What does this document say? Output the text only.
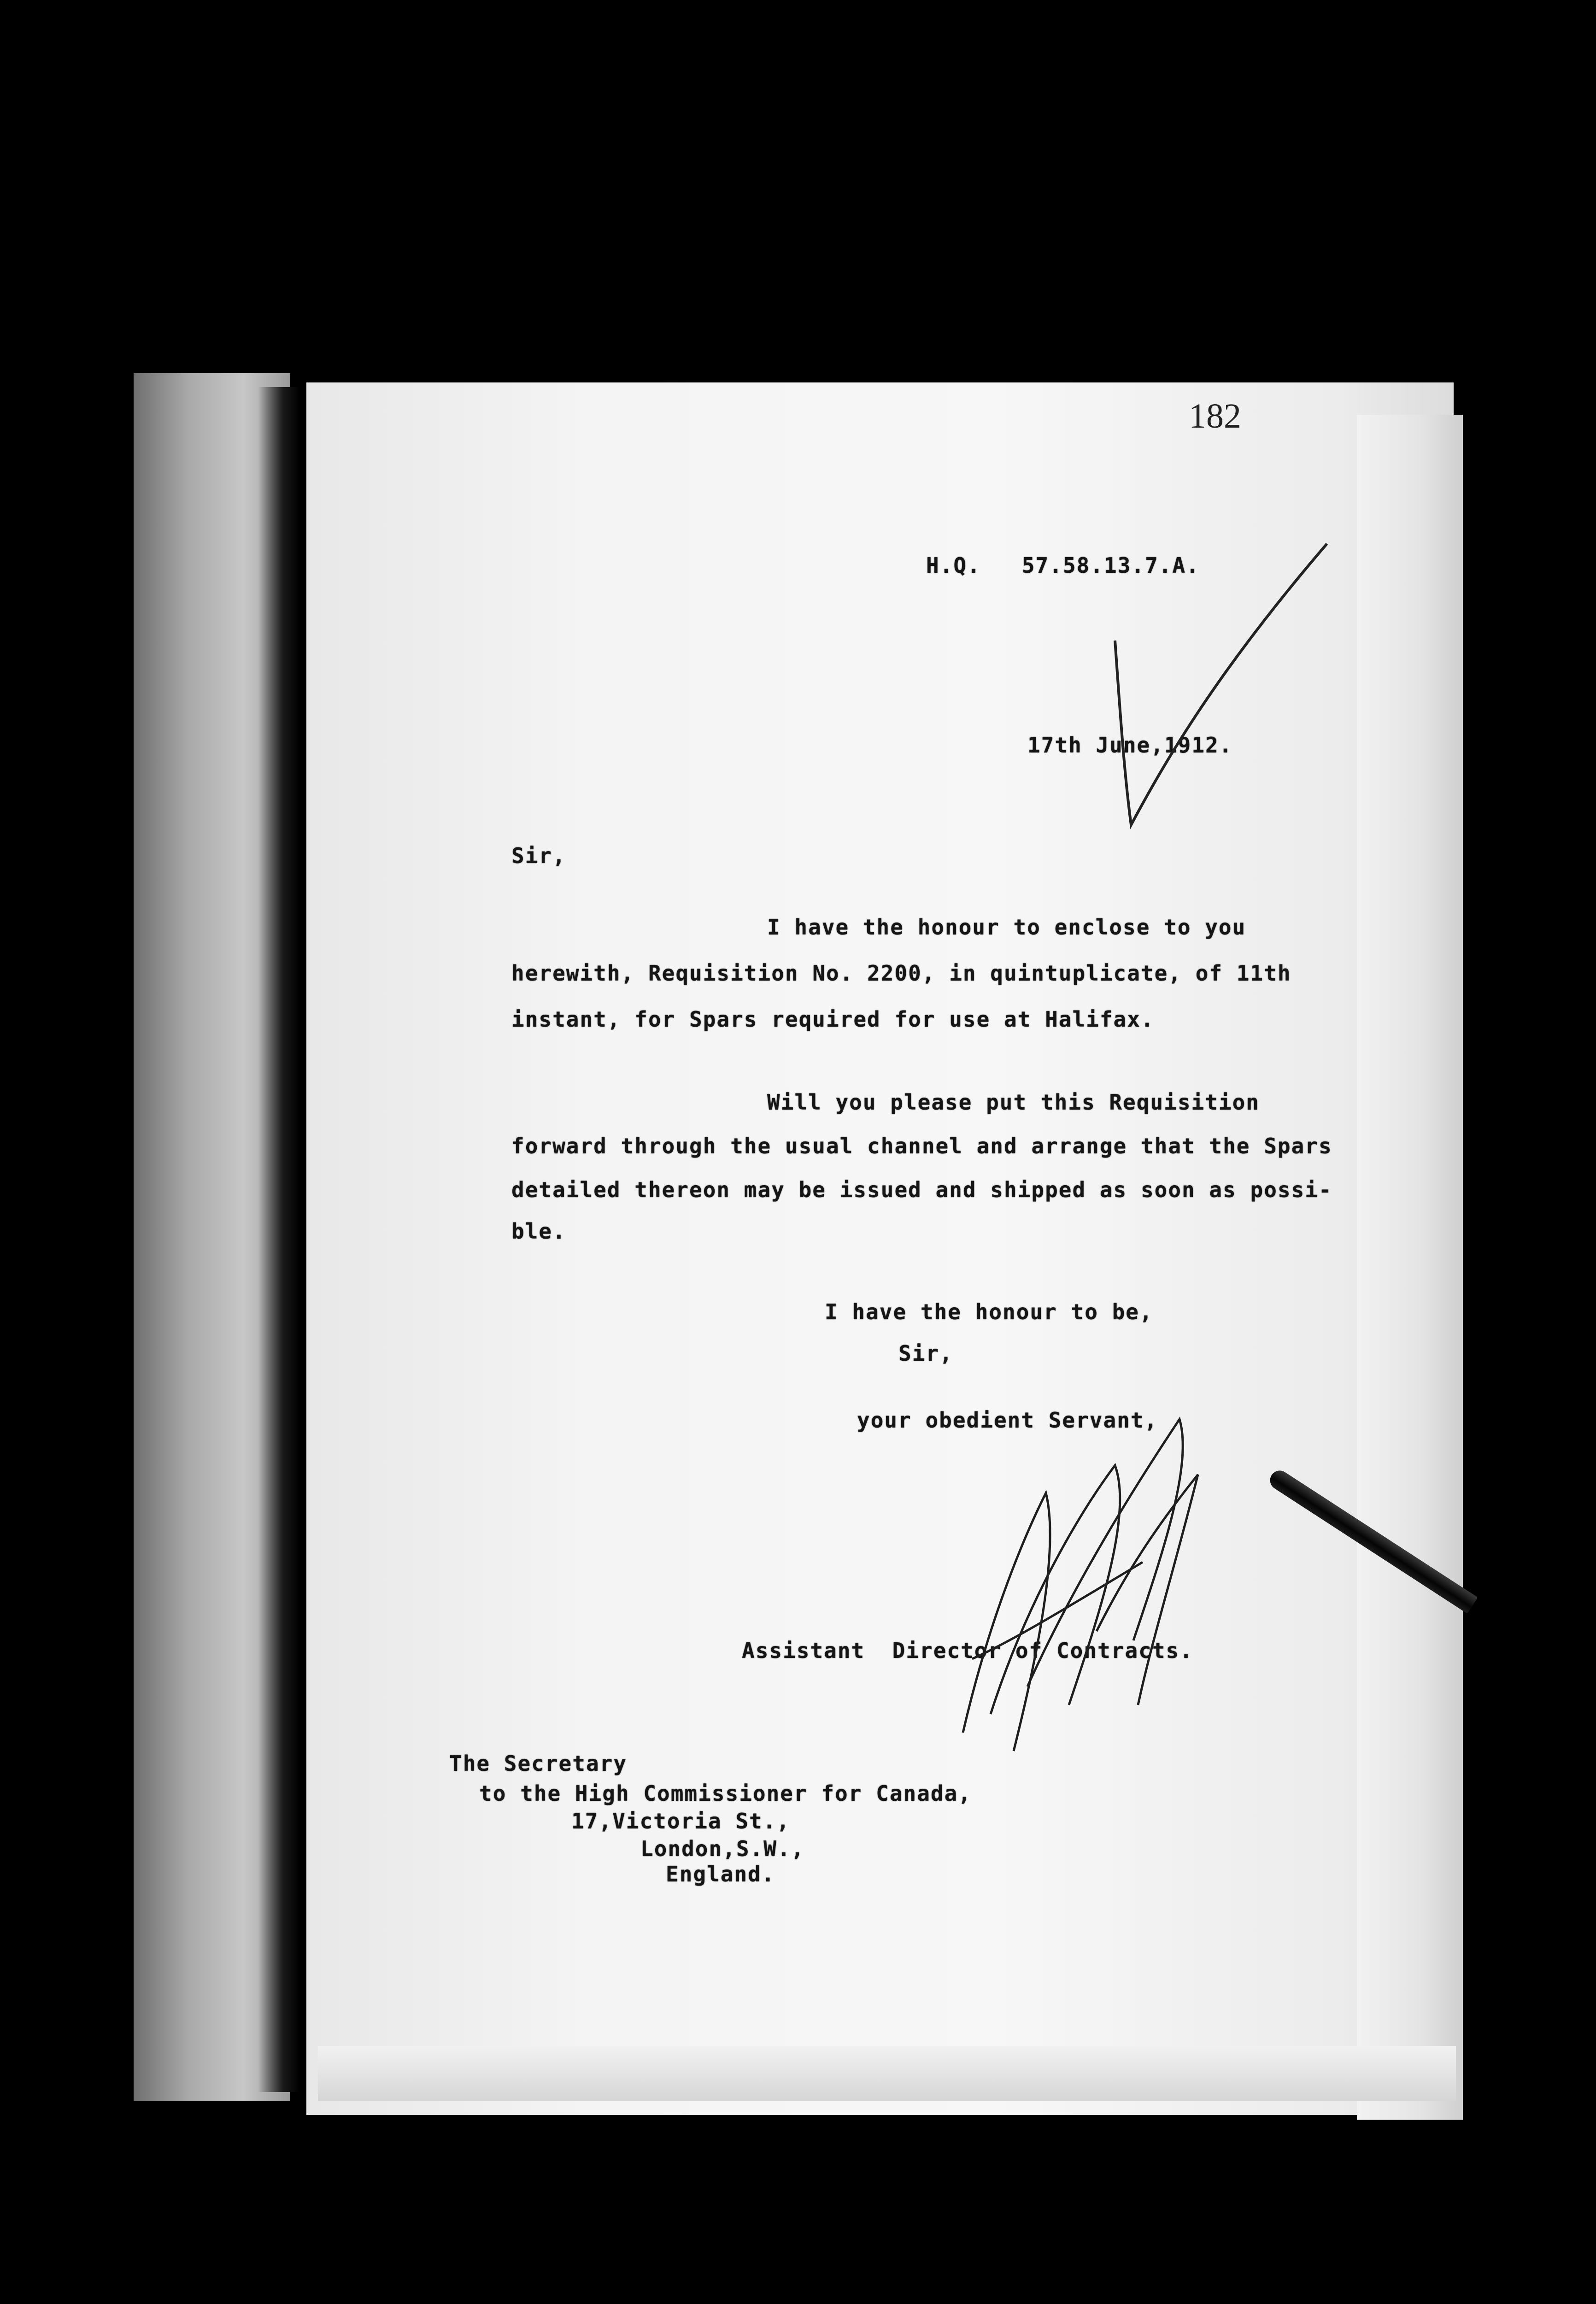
182
H.Q.   57.58.13.7.A.
17th June,1912.
Sir,
I have the honour to enclose to you
herewith, Requisition No. 2200, in quintuplicate, of 11th
instant, for Spars required for use at Halifax.
Will you please put this Requisition
forward through the usual channel and arrange that the Spars
detailed thereon may be issued and shipped as soon as possi-
ble.
I have the honour to be,
Sir,
your obedient Servant,
Assistant  Director of Contracts.
The Secretary
to the High Commissioner for Canada,
17,Victoria St.,
London,S.W.,
England.
